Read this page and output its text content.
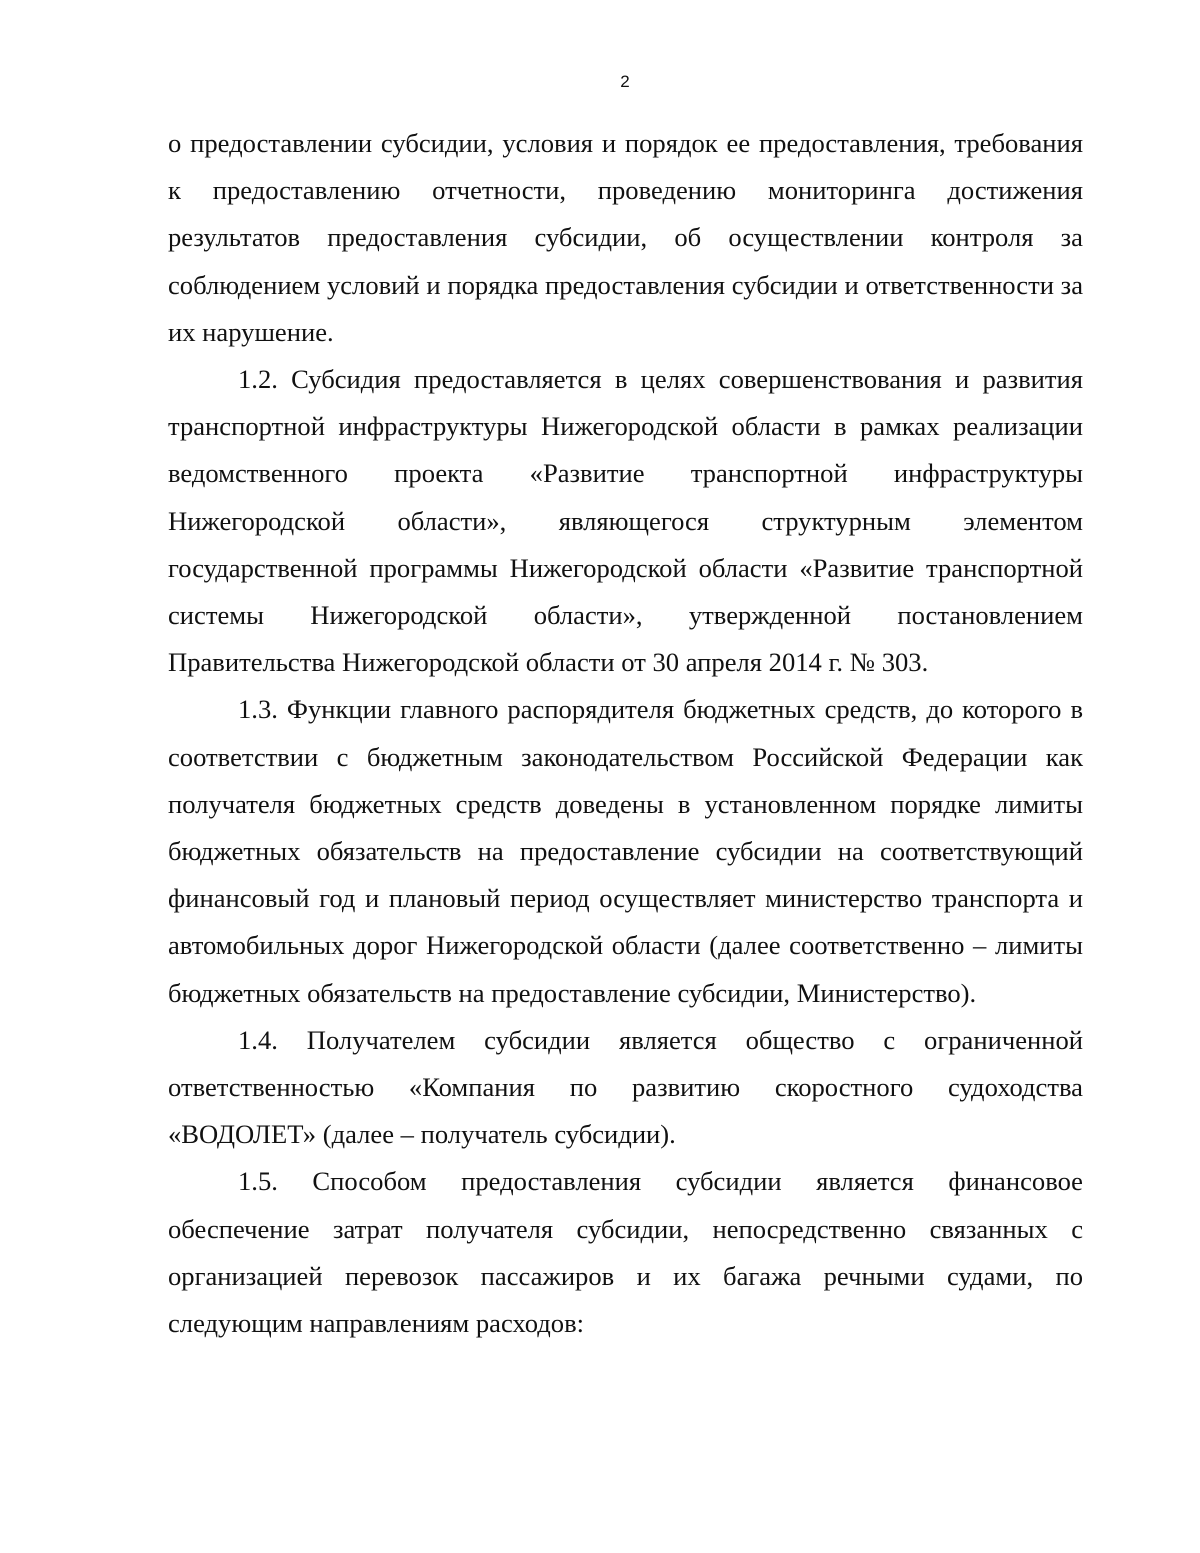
2

о предоставлении субсидии, условия и порядок ее предоставления, требования к предоставлению отчетности, проведению мониторинга достижения результатов предоставления субсидии, об осуществлении контроля за соблюдением условий и порядка предоставления субсидии и ответственности за их нарушение.

1.2. Субсидия предоставляется в целях совершенствования и развития транспортной инфраструктуры Нижегородской области в рамках реализации ведомственного проекта «Развитие транспортной инфраструктуры Нижегородской области», являющегося структурным элементом государственной программы Нижегородской области «Развитие транспортной системы Нижегородской области», утвержденной постановлением Правительства Нижегородской области от 30 апреля 2014 г. № 303.

1.3. Функции главного распорядителя бюджетных средств, до которого в соответствии с бюджетным законодательством Российской Федерации как получателя бюджетных средств доведены в установленном порядке лимиты бюджетных обязательств на предоставление субсидии на соответствующий финансовый год и плановый период осуществляет министерство транспорта и автомобильных дорог Нижегородской области (далее соответственно – лимиты бюджетных обязательств на предоставление субсидии, Министерство).

1.4. Получателем субсидии является общество с ограниченной ответственностью «Компания по развитию скоростного судоходства «ВОДОЛЕТ» (далее – получатель субсидии).

1.5. Способом предоставления субсидии является финансовое обеспечение затрат получателя субсидии, непосредственно связанных с организацией перевозок пассажиров и их багажа речными судами, по следующим направлениям расходов:
